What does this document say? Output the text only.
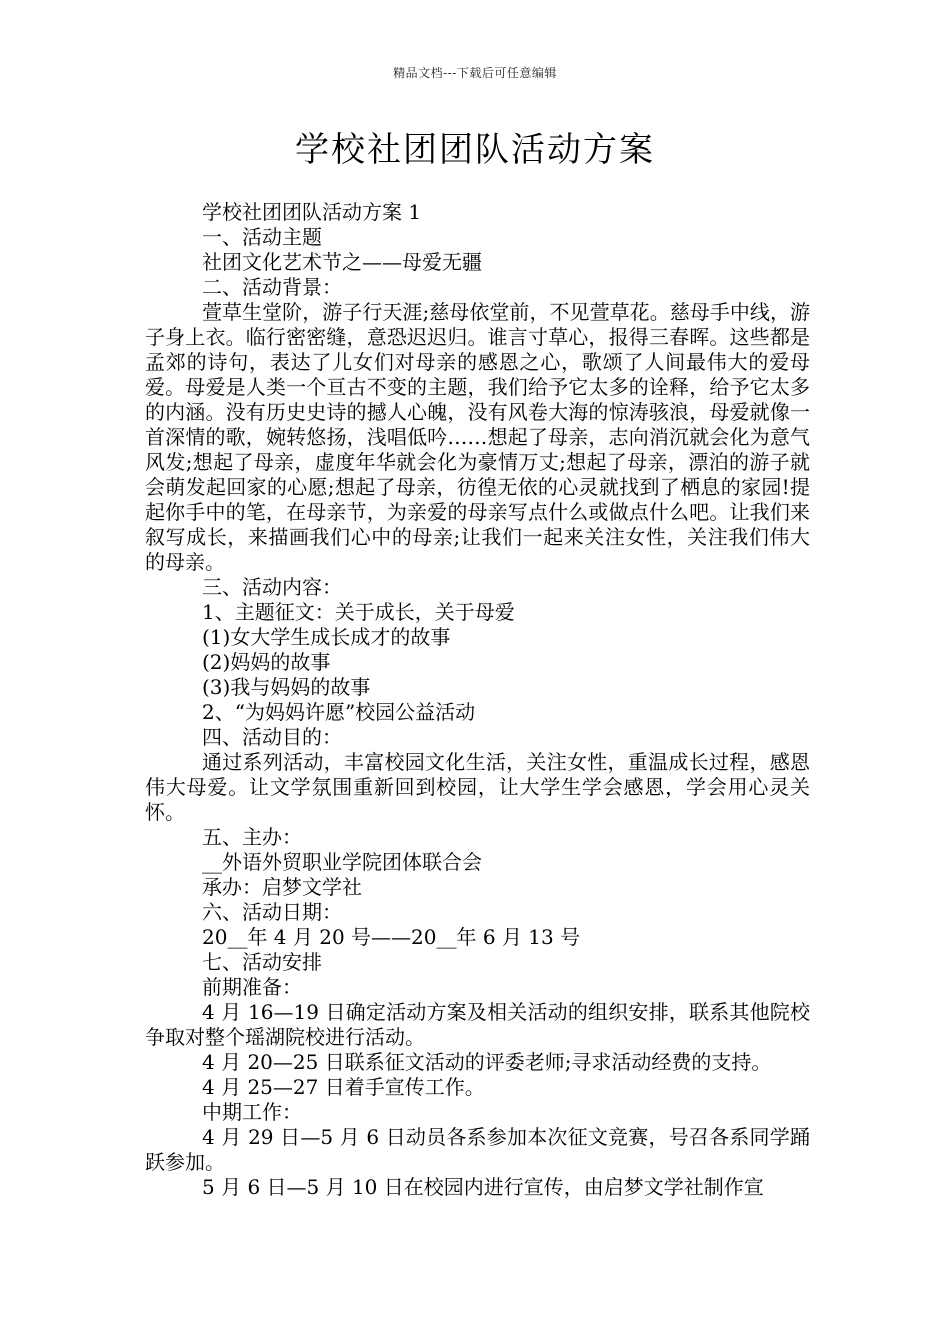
精品文档---下载后可任意编辑
学校社团团队活动方案

学校社团团队活动方案 1

一、活动主题

社团文化艺术节之——母爱无疆

二、活动背景：

萱草生堂阶，游子行天涯;慈母依堂前，不见萱草花。慈母手中线，游子身上衣。临行密密缝，意恐迟迟归。谁言寸草心，报得三春晖。这些都是孟郊的诗句，表达了儿女们对母亲的感恩之心，歌颂了人间最伟大的爱母爱。母爱是人类一个亘古不变的主题，我们给予它太多的诠释，给予它太多的内涵。没有历史史诗的撼人心魄，没有风卷大海的惊涛骇浪，母爱就像一首深情的歌，婉转悠扬，浅唱低吟……想起了母亲，志向消沉就会化为意气风发;想起了母亲，虚度年华就会化为豪情万丈;想起了母亲，漂泊的游子就会萌发起回家的心愿;想起了母亲，彷徨无依的心灵就找到了栖息的家园!提起你手中的笔，在母亲节，为亲爱的母亲写点什么或做点什么吧。让我们来叙写成长，来描画我们心中的母亲;让我们一起来关注女性，关注我们伟大的母亲。

三、活动内容：

1、主题征文：关于成长，关于母爱

(1)女大学生成长成才的故事

(2)妈妈的故事

(3)我与妈妈的故事

2、“为妈妈许愿”校园公益活动

四、活动目的：

通过系列活动，丰富校园文化生活，关注女性，重温成长过程，感恩伟大母爱。让文学氛围重新回到校园，让大学生学会感恩，学会用心灵关怀。

五、主办：

__外语外贸职业学院团体联合会

承办：启梦文学社

六、活动日期：

20__年 4 月 20 号——20__年 6 月 13 号

七、活动安排

前期准备：

4 月 16—19 日确定活动方案及相关活动的组织安排，联系其他院校争取对整个瑶湖院校进行活动。

4 月 20—25 日联系征文活动的评委老师;寻求活动经费的支持。

4 月 25—27 日着手宣传工作。

中期工作：

4 月 29 日—5 月 6 日动员各系参加本次征文竞赛，号召各系同学踊跃参加。

5 月 6 日—5 月 10 日在校园内进行宣传，由启梦文学社制作宣
